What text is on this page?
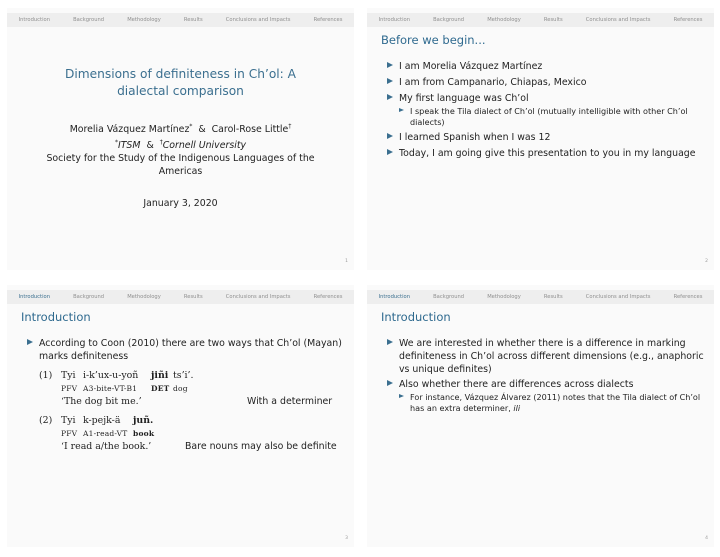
Introduction	Background	Methodology	Results	Conclusions and Impacts	References
Dimensions of definiteness in Ch’ol: A
dialectal comparison
Morelia Vázquez Martínez* & Carol-Rose Little†
*ITSM & †Cornell University
Society for the Study of the Indigenous Languages of the
Americas
January 3, 2020
1
Introduction	Background	Methodology	Results	Conclusions and Impacts	References
Before we begin...
I am Morelia Vázquez Martínez
I am from Campanario, Chiapas, Mexico
My first language was Ch’ol
I speak the Tila dialect of Ch’ol (mutually intelligible with other Ch’ol dialects)
I learned Spanish when I was 12
Today, I am going give this presentation to you in my language
2
Introduction	Background	Methodology	Results	Conclusions and Impacts	References
Introduction
According to Coon (2010) there are two ways that Ch’ol (Mayan) marks definiteness
(1) Tyi i-k’ux-u-yoñ jiñi ts’i’.
PFV A3-bite-VT-B1 DET dog
‘The dog bit me.’	With a determiner
(2) Tyi k-pejk-ä juñ.
PFV A1-read-VT book
‘I read a/the book.’	Bare nouns may also be definite
3
Introduction	Background	Methodology	Results	Conclusions and Impacts	References
Introduction
We are interested in whether there is a difference in marking definiteness in Ch’ol across different dimensions (e.g., anaphoric vs unique definites)
Also whether there are differences across dialects
For instance, Vázquez Álvarez (2011) notes that the Tila dialect of Ch’ol has an extra determiner, ili
4
